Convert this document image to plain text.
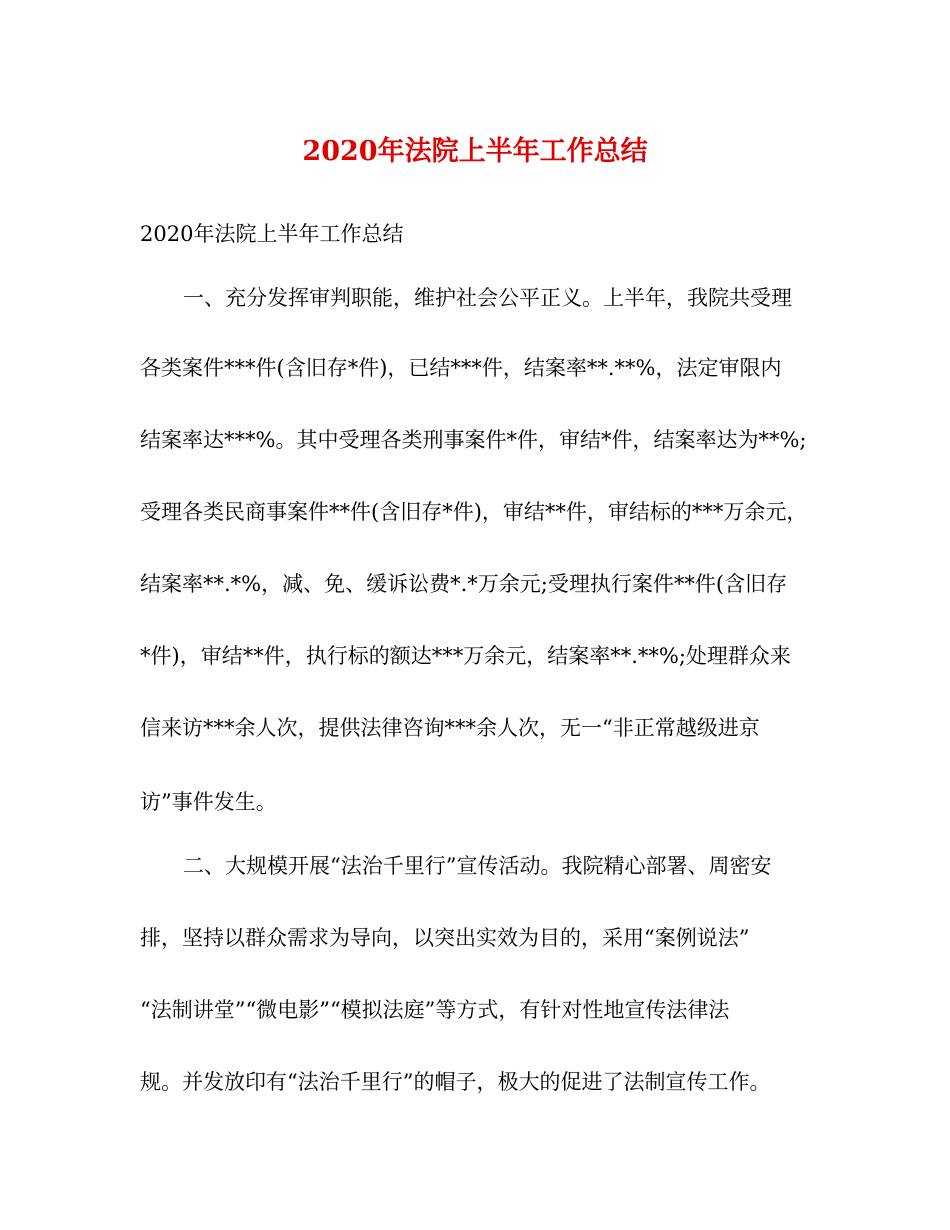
2020年法院上半年工作总结
2020年法院上半年工作总结
一、充分发挥审判职能，维护社会公平正义。上半年，我院共受理
各类案件***件(含旧存*件)，已结***件，结案率**.**%，法定审限内
结案率达***%。其中受理各类刑事案件*件，审结*件，结案率达为**%;
受理各类民商事案件**件(含旧存*件)，审结**件，审结标的***万余元，
结案率**.*%，减、免、缓诉讼费*.*万余元;受理执行案件**件(含旧存
*件)，审结**件，执行标的额达***万余元，结案率**.**%;处理群众来
信来访***余人次，提供法律咨询***余人次，无一“非正常越级进京
访”事件发生。
二、大规模开展“法治千里行”宣传活动。我院精心部署、周密安
排，坚持以群众需求为导向，以突出实效为目的，采用“案例说法”
“法制讲堂”“微电影”“模拟法庭”等方式，有针对性地宣传法律法
规。并发放印有“法治千里行”的帽子，极大的促进了法制宣传工作。
